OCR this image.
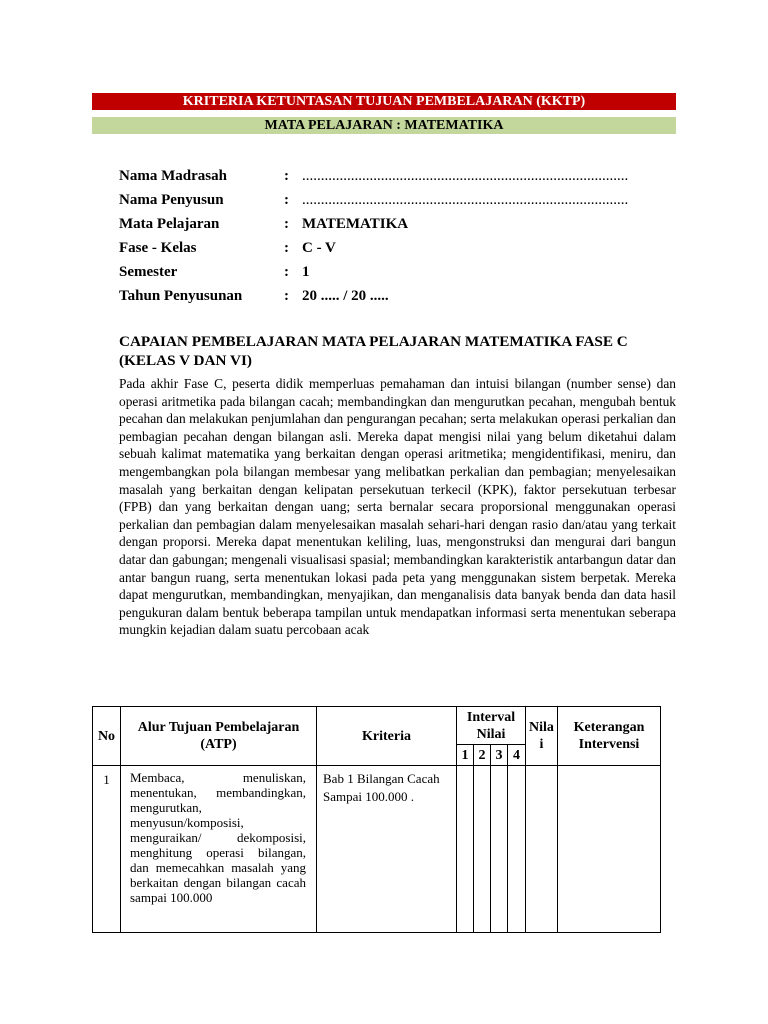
KRITERIA KETUNTASAN TUJUAN PEMBELAJARAN (KKTP)
MATA PELAJARAN : MATEMATIKA
Nama Madrasah	: .......................................................................................
Nama Penyusun	: .......................................................................................
Mata Pelajaran	: MATEMATIKA
Fase - Kelas	: C - V
Semester	: 1
Tahun Penyusunan	: 20 ..... / 20 .....
CAPAIAN PEMBELAJARAN MATA PELAJARAN MATEMATIKA FASE C (KELAS V DAN VI)
Pada akhir Fase C, peserta didik memperluas pemahaman dan intuisi bilangan (number sense) dan operasi aritmetika pada bilangan cacah; membandingkan dan mengurutkan pecahan, mengubah bentuk pecahan dan melakukan penjumlahan dan pengurangan pecahan; serta melakukan operasi perkalian dan pembagian pecahan dengan bilangan asli. Mereka dapat mengisi nilai yang belum diketahui dalam sebuah kalimat matematika yang berkaitan dengan operasi aritmetika; mengidentifikasi, meniru, dan mengembangkan pola bilangan membesar yang melibatkan perkalian dan pembagian; menyelesaikan masalah yang berkaitan dengan kelipatan persekutuan terkecil (KPK), faktor persekutuan terbesar (FPB) dan yang berkaitan dengan uang; serta bernalar secara proporsional menggunakan operasi perkalian dan pembagian dalam menyelesaikan masalah sehari-hari dengan rasio dan/atau yang terkait dengan proporsi. Mereka dapat menentukan keliling, luas, mengonstruksi dan mengurai dari bangun datar dan gabungan; mengenali visualisasi spasial; membandingkan karakteristik antarbangun datar dan antar bangun ruang, serta menentukan lokasi pada peta yang menggunakan sistem berpetak. Mereka dapat mengurutkan, membandingkan, menyajikan, dan menganalisis data banyak benda dan data hasil pengukuran dalam bentuk beberapa tampilan untuk mendapatkan informasi serta menentukan seberapa mungkin kejadian dalam suatu percobaan acak
No	Alur Tujuan Pembelajaran (ATP)	Kriteria	Interval Nilai				Nila i	Keterangan Intervensi
			1	2	3	4		
1	Membaca, menuliskan, menentukan, membandingkan, mengurutkan, menyusun/komposisi, menguraikan/ dekomposisi, menghitung operasi bilangan, dan memecahkan masalah yang berkaitan dengan bilangan cacah sampai 100.000	Bab 1 Bilangan Cacah Sampai 100.000 .						
